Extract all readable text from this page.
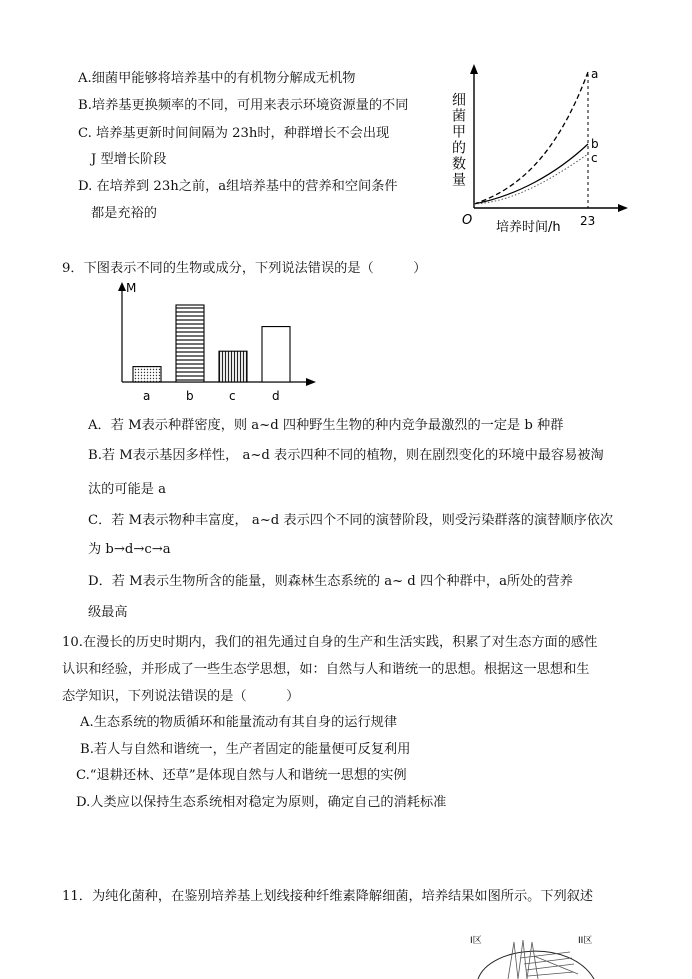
A.细菌甲能够将培养基中的有机物分解成无机物
B.培养基更换频率的不同，可用来表示环境资源量的不同
C. 培养基更新时间间隔为 23h时，种群增长不会出现
J 型增长阶段
D. 在培养到 23h之前，a组培养基中的营养和空间条件
都是充裕的
细菌甲的数量
a
b
c
O 培养时间/h 23
9．下图表示不同的生物或成分，下列说法错误的是（　　　）
M
a	b	c	d
A．若 M表示种群密度，则 a~d 四种野生生物的种内竞争最激烈的一定是 b 种群
B.若 M表示基因多样性， a~d 表示四种不同的植物，则在剧烈变化的环境中最容易被淘
汰的可能是 a
C．若 M表示物种丰富度， a~d 表示四个不同的演替阶段，则受污染群落的演替顺序依次
为 b→d→c→a
D．若 M表示生物所含的能量，则森林生态系统的 a~ d 四个种群中，a所处的营养
级最高
10.在漫长的历史时期内，我们的祖先通过自身的生产和生活实践，积累了对生态方面的感性
认识和经验，并形成了一些生态学思想，如：自然与人和谐统一的思想。根据这一思想和生
态学知识，下列说法错误的是（　　　）
A.生态系统的物质循环和能量流动有其自身的运行规律
B.若人与自然和谐统一，生产者固定的能量便可反复利用
C.“退耕还林、还草”是体现自然与人和谐统一思想的实例
D.人类应以保持生态系统相对稳定为原则，确定自己的消耗标准
11．为纯化菌种，在鉴别培养基上划线接种纤维素降解细菌，培养结果如图所示。下列叙述
I区	II区
